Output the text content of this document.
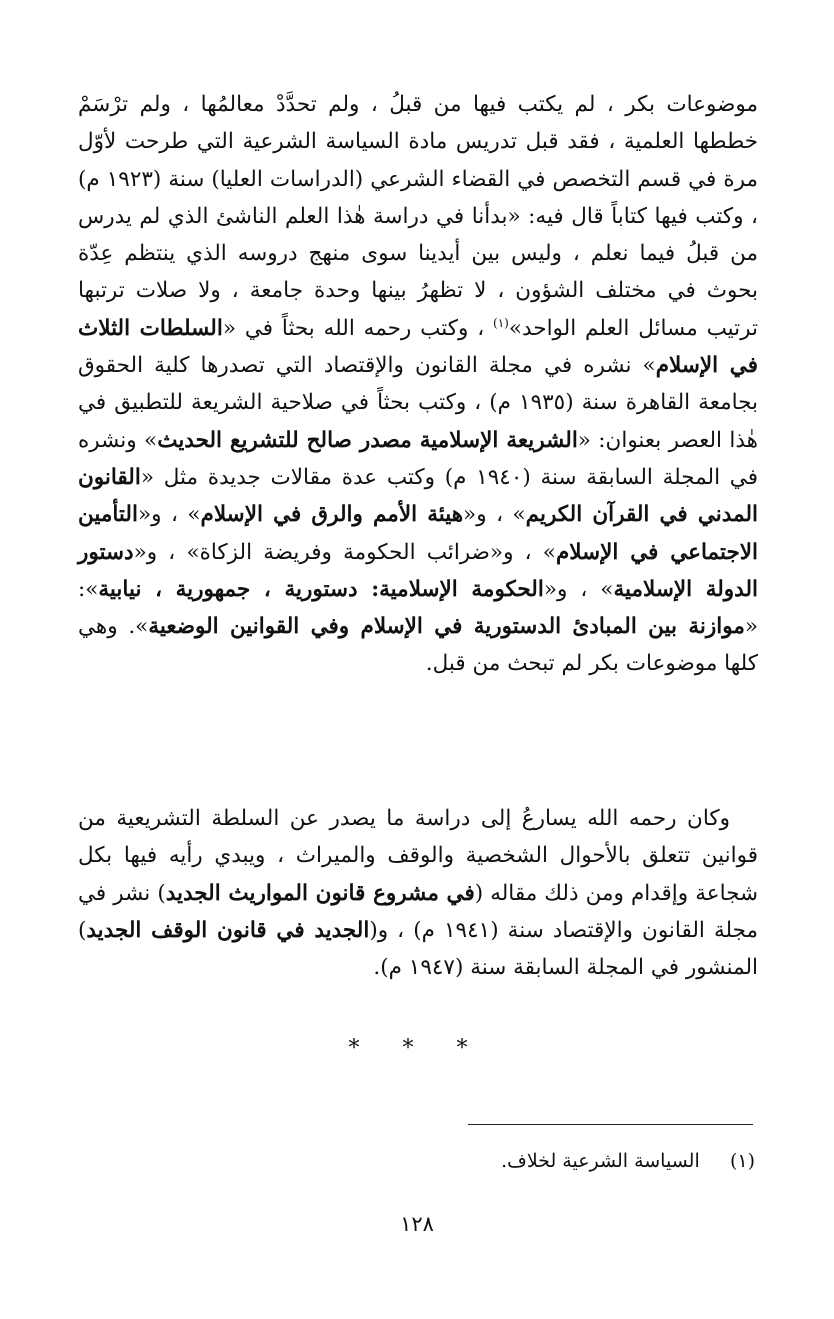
موضوعات بكر ، لم يكتب فيها من قبلُ ، ولم تحدَّدْ معالمُها ، ولم ترْسَمْ خططها العلمية ، فقد قبل تدريس مادة السياسة الشرعية التي طرحت لأوّل مرة في قسم التخصص في القضاء الشرعي (الدراسات العليا) سنة (١٩٢٣ م) ، وكتب فيها كتاباً قال فيه: «بدأنا في دراسة هٰذا العلم الناشئ الذي لم يدرس من قبلُ فيما نعلم ، وليس بين أيدينا سوى منهج دروسه الذي ينتظم عِدّة بحوث في مختلف الشؤون ، لا تظهرُ بينها وحدة جامعة ، ولا صلات ترتبها ترتيب مسائل العلم الواحد»$^{(١)}$ ، وكتب رحمه الله بحثاً في «السلطات الثلاث في الإسلام» نشره في مجلة القانون والإقتصاد التي تصدرها كلية الحقوق بجامعة القاهرة سنة (١٩٣٥ م) ، وكتب بحثاً في صلاحية الشريعة للتطبيق في هٰذا العصر بعنوان: «الشريعة الإسلامية مصدر صالح للتشريع الحديث» ونشره في المجلة السابقة سنة (١٩٤٠ م) وكتب عدة مقالات جديدة مثل «القانون المدني في القرآن الكريم» ، و«هيئة الأمم والرق في الإسلام» ، و«التأمين الاجتماعي في الإسلام» ، و«ضرائب الحكومة وفريضة الزكاة» ، و«دستور الدولة الإسلامية» ، و«الحكومة الإسلامية: دستورية ، جمهورية ، نيابية»: «موازنة بين المبادئ الدستورية في الإسلام وفي القوانين الوضعية». وهي كلها موضوعات بكر لم تبحث من قبل.

وكان رحمه الله يسارعُ إلى دراسة ما يصدر عن السلطة التشريعية من قوانين تتعلق بالأحوال الشخصية والوقف والميراث ، ويبدي رأيه فيها بكل شجاعة وإقدام ومن ذلك مقاله (في مشروع قانون المواريث الجديد) نشر في مجلة القانون والإقتصاد سنة (١٩٤١ م) ، و(الجديد في قانون الوقف الجديد) المنشور في المجلة السابقة سنة (١٩٤٧ م).

* * *
(١)     السياسة الشرعية لخلاف.
١٢٨
